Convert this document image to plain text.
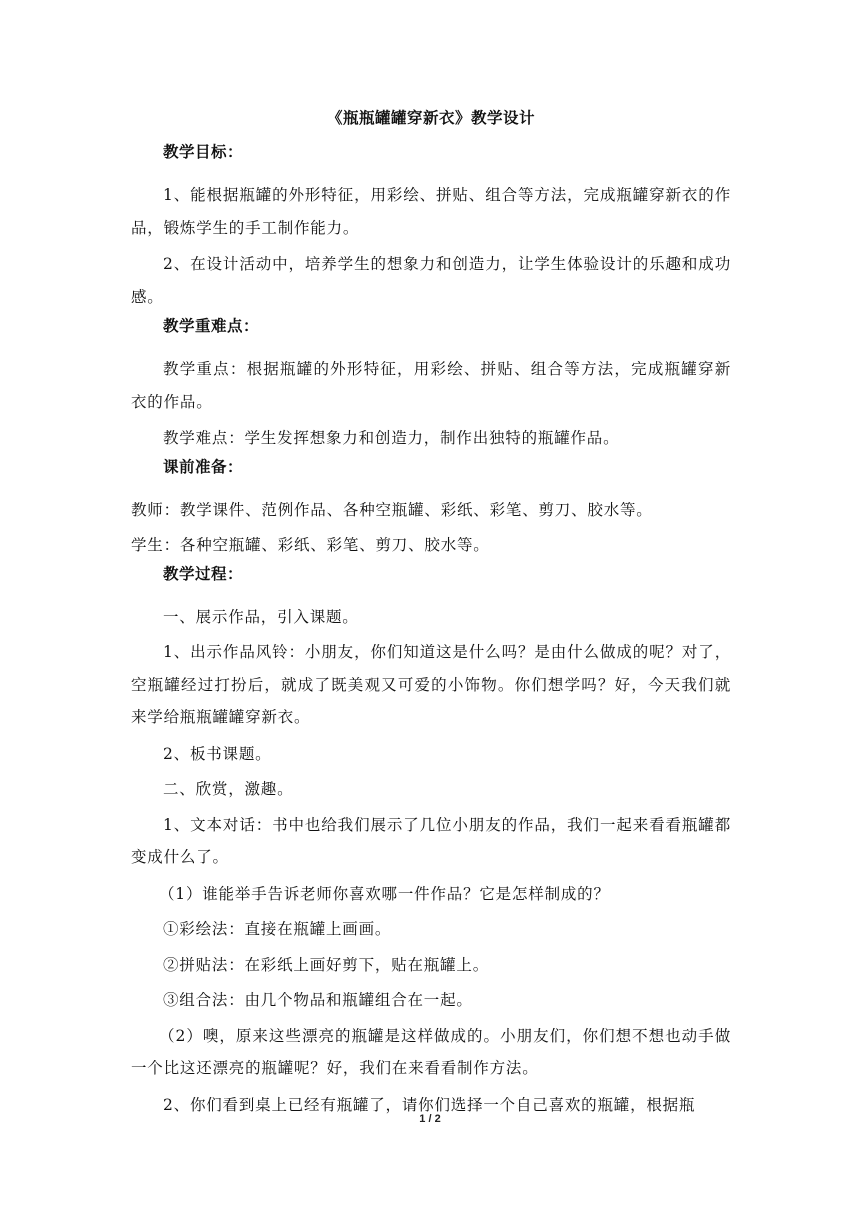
《瓶瓶罐罐穿新衣》教学设计
教学目标：

1、能根据瓶罐的外形特征，用彩绘、拼贴、组合等方法，完成瓶罐穿新衣的作品，锻炼学生的手工制作能力。

2、在设计活动中，培养学生的想象力和创造力，让学生体验设计的乐趣和成功感。

教学重难点：

教学重点：根据瓶罐的外形特征，用彩绘、拼贴、组合等方法，完成瓶罐穿新衣的作品。

教学难点：学生发挥想象力和创造力，制作出独特的瓶罐作品。

课前准备：

教师：教学课件、范例作品、各种空瓶罐、彩纸、彩笔、剪刀、胶水等。

学生：各种空瓶罐、彩纸、彩笔、剪刀、胶水等。

教学过程：

一、展示作品，引入课题。

1、出示作品风铃：小朋友，你们知道这是什么吗？是由什么做成的呢？对了，空瓶罐经过打扮后，就成了既美观又可爱的小饰物。你们想学吗？好，今天我们就来学给瓶瓶罐罐穿新衣。

2、板书课题。

二、欣赏，激趣。

1、文本对话：书中也给我们展示了几位小朋友的作品，我们一起来看看瓶罐都变成什么了。

（1）谁能举手告诉老师你喜欢哪一件作品？它是怎样制成的？

①彩绘法：直接在瓶罐上画画。

②拼贴法：在彩纸上画好剪下，贴在瓶罐上。

③组合法：由几个物品和瓶罐组合在一起。

（2）噢，原来这些漂亮的瓶罐是这样做成的。小朋友们，你们想不想也动手做一个比这还漂亮的瓶罐呢？好，我们在来看看制作方法。

2、你们看到桌上已经有瓶罐了，请你们选择一个自己喜欢的瓶罐，根据瓶

1 / 2
